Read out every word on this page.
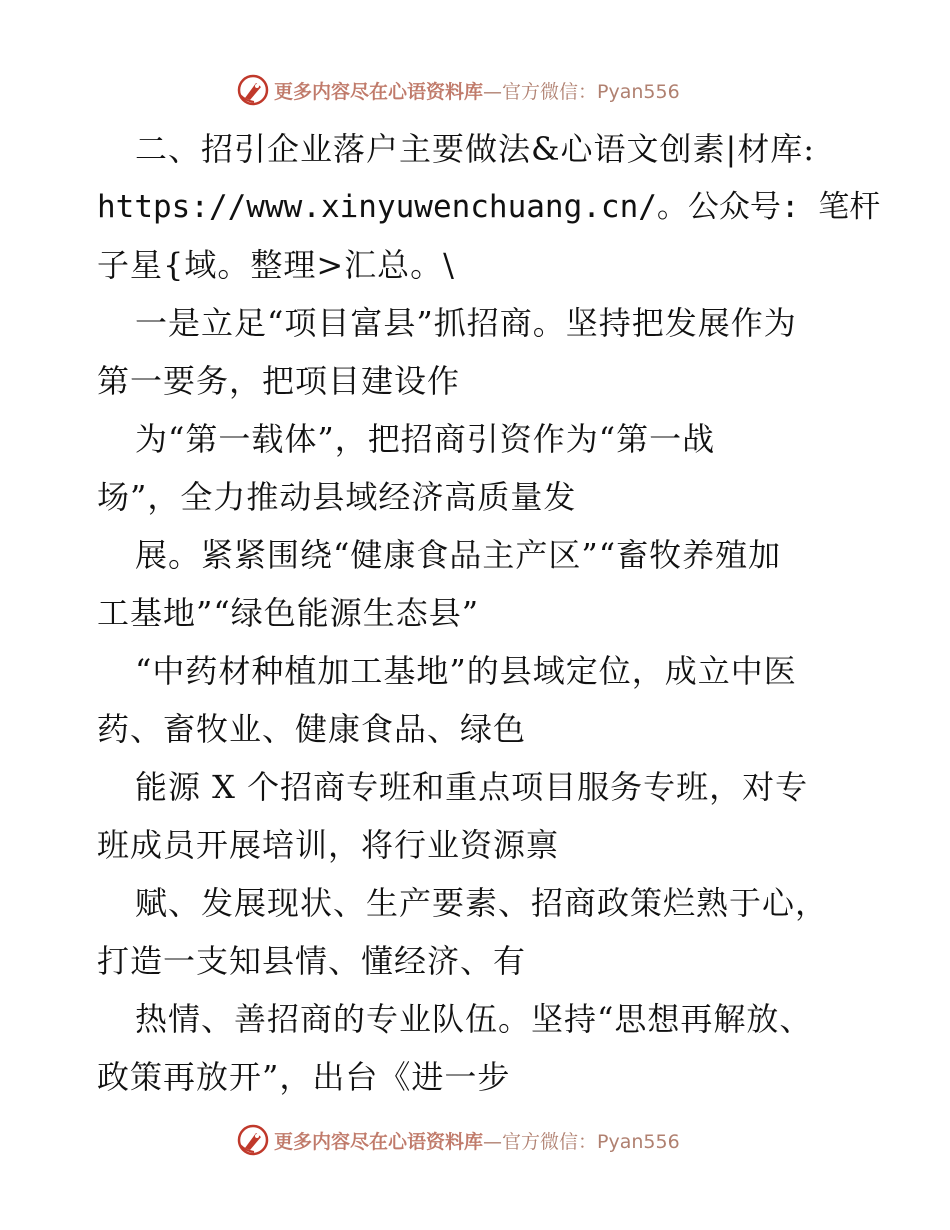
更多内容尽在心语资料库 —官方微信：Pyan556
二、招引企业落户主要做法&心语文创素|材库:
https://www.xinyuwenchuang.cn/。公众号: 笔杆
子星{域。整理>汇总。\
一是立足“项目富县”抓招商。坚持把发展作为
第一要务，把项目建设作
为“第一载体”，把招商引资作为“第一战
场”，全力推动县域经济高质量发
展。紧紧围绕“健康食品主产区”“畜牧养殖加
工基地”“绿色能源生态县”
“中药材种植加工基地”的县域定位，成立中医
药、畜牧业、健康食品、绿色
能源 X 个招商专班和重点项目服务专班，对专
班成员开展培训，将行业资源禀
赋、发展现状、生产要素、招商政策烂熟于心，
打造一支知县情、懂经济、有
热情、善招商的专业队伍。坚持“思想再解放、
政策再放开”，出台《进一步
更多内容尽在心语资料库 —官方微信：Pyan556
